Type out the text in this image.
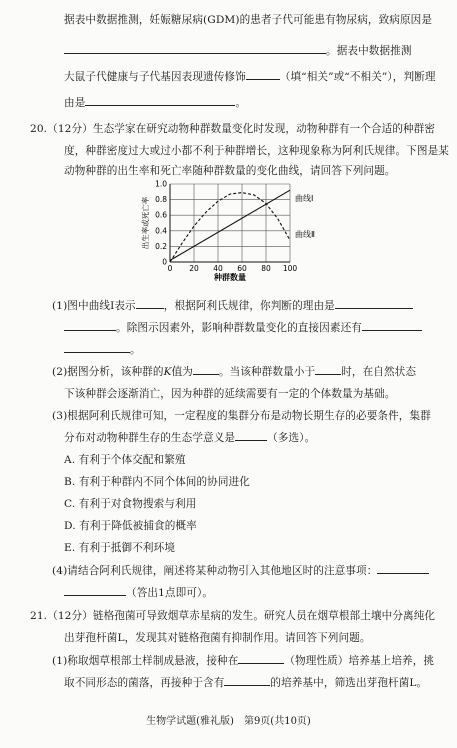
据表中数据推测，妊娠糖尿病(GDM)的患者子代可能患有物尿病，致病原因是
。据表中数据推测
大鼠子代健康与子代基因表现遗传修饰	（填“相关”或“不相关”），判断理
由是	。
20.（12分）生态学家在研究动物种群数量变化时发现，动物种群有一个合适的种群密
度，种群密度过大或过小都不利于种群增长，这种现象称为阿利氏规律。下图是某
动物种群的出生率和死亡率随种群数量的变化曲线，请回答下列问题。
0 20 40 60 80 100
0
0.2
0.4
0.6
0.8
1.0
种群数量
出生率或死亡率	曲线Ⅰ
曲线Ⅱ
(1)图中曲线Ⅰ表示	，根据阿利氏规律，你判断的理由是
。除图示因素外，影响种群数量变化的直接因素还有
。
(2)据图分析，该种群的K值为 。当该种群数量小于 时，在自然状态
下该种群会逐渐消亡，因为种群的延续需要有一定的个体数量为基础。
(3)根据阿利氏规律可知，一定程度的集群分布是动物长期生存的必要条件，集群
分布对动物种群生存的生态学意义是	（多选）。
A. 有利于个体交配和繁殖
B. 有利于种群内不同个体间的协同进化
C. 有利于对食物搜索与利用
D. 有利于降低被捕食的概率
E. 有利于抵御不利环境
(4)请结合阿利氏规律，阐述将某种动物引入其他地区时的注意事项：
（答出1点即可）。
21.（12分）链格孢菌可导致烟草赤星病的发生。研究人员在烟草根部土壤中分离纯化
出芽孢杆菌L，发现其对链格孢菌有抑制作用。请回答下列问题。
(1)称取烟草根部土样制成悬液，接种在	（物理性质）培养基上培养，挑
取不同形态的菌落，再接种于含有	的培养基中，筛选出芽孢杆菌L。
生物学试题(雅礼版)　第9页(共10页)
